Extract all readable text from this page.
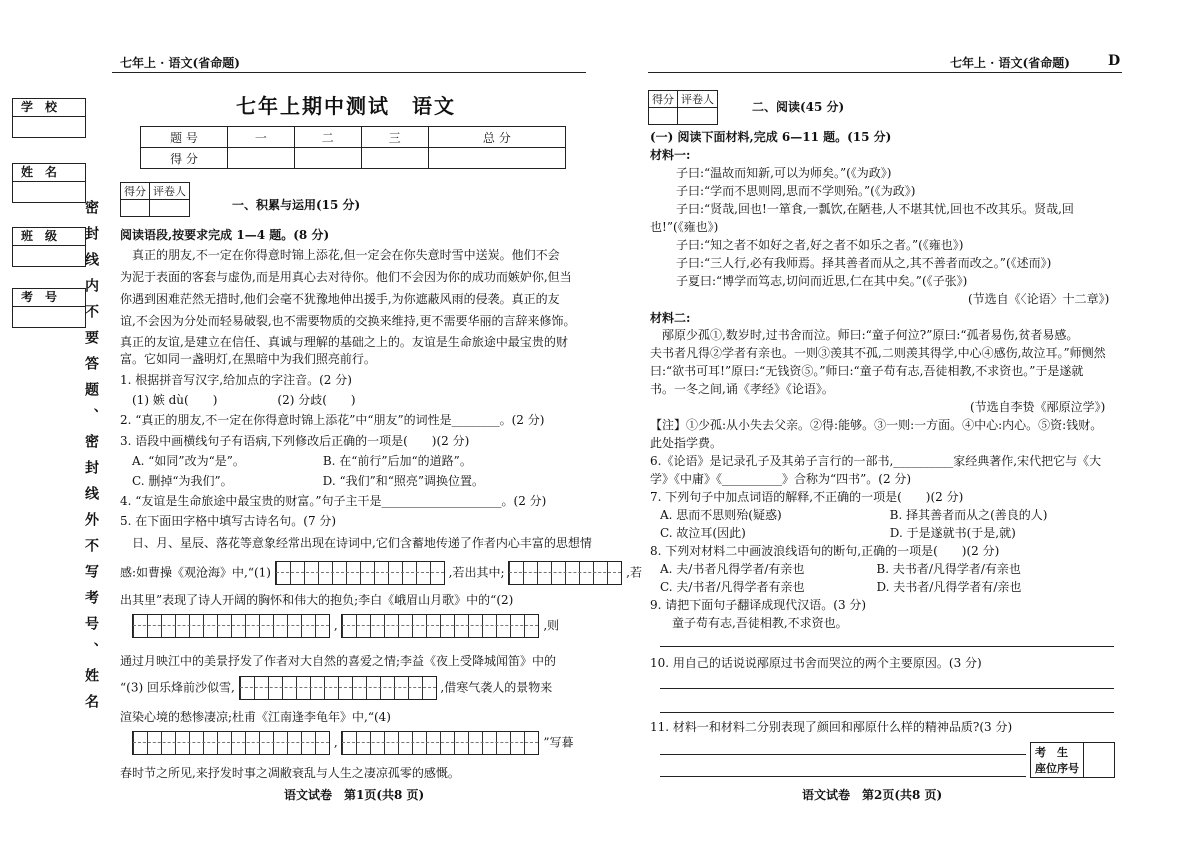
七年上 · 语文(省命题)	七年上 · 语文(省命题)	D
学　校
姓　名
班　级
考　号	密封线内不要答题、密封线外不写考号、姓名
七年上期中测试　语文
题 号	一	二	三	总 分
得 分				
得分	评卷人

一、积累与运用(15 分)
阅读语段,按要求完成 1—4 题。(8 分)
　真正的朋友,不一定在你得意时锦上添花,但一定会在你失意时雪中送炭。他们不会
为泥于表面的客套与虚伪,而是用真心去对待你。他们不会因为你的成功而嫉妒你,但当
你遇到困难茫然无措时,他们会毫不犹豫地伸出援手,为你遮蔽风雨的侵袭。真正的友
谊,不会因为分处而轻易破裂,也不需要物质的交换来维持,更不需要华丽的言辞来修饰。
真正的友谊,是建立在信任、真诚与理解的基础之上的。友谊是生命旅途中最宝贵的财
富。它如同一盏明灯,在黑暗中为我们照亮前行。
1. 根据拼音写汉字,给加点的字注音。(2 分)
(1) 嫉 dù(　　)　　　　　(2) 分歧(　　)
2. “真正的朋友,不一定在你得意时锦上添花”中“朋友”的词性是________。(2 分)
3. 语段中画横线句子有语病,下列修改后正确的一项是(　　)(2 分)
A. “如同”改为“是”。　　　　　　　B. 在“前行”后加“的道路”。
C. 删掉“为我们”。　　　　　　　　D. “我们”和“照亮”调换位置。
4. “友谊是生命旅途中最宝贵的财富。”句子主干是____________________。(2 分)
5. 在下面田字格中填写古诗名句。(7 分)
　日、月、星辰、落花等意象经常出现在诗词中,它们含蓄地传递了作者内心丰富的思想情
感:如曹操《观沧海》中,“(1)	,若出其中;	,若
出其里”表现了诗人开阔的胸怀和伟大的抱负;李白《峨眉山月歌》中的“(2)
,	,则
通过月映江中的美景抒发了作者对大自然的喜爱之情;李益《夜上受降城闻笛》中的
“(3) 回乐烽前沙似雪,	,借寒气袭人的景物来
渲染心境的愁惨凄凉;杜甫《江南逢李龟年》中,“(4)
,	”写暮
春时节之所见,来抒发时事之凋敝衰乱与人生之凄凉孤零的感慨。
语文试卷　第1页(共8 页)
得分	评卷人

二、阅读(45 分)
(一) 阅读下面材料,完成 6—11 题。(15 分)
材料一:
子曰:“温故而知新,可以为师矣。”(《为政》)
子曰:“学而不思则罔,思而不学则殆。”(《为政》)
子曰:“贤哉,回也!一箪食,一瓢饮,在陋巷,人不堪其忧,回也不改其乐。贤哉,回
也!”(《雍也》)
子曰:“知之者不如好之者,好之者不如乐之者。”(《雍也》)
子曰:“三人行,必有我师焉。择其善者而从之,其不善者而改之。”(《述而》)
子夏曰:“博学而笃志,切问而近思,仁在其中矣。”(《子张》)
(节选自《〈论语〉十二章》)
材料二:
　邴原少孤①,数岁时,过书舍而泣。师曰:“童子何泣?”原曰:“孤者易伤,贫者易感。
夫书者凡得②学者有亲也。一则③羡其不孤,二则羡其得学,中心④感伤,故泣耳。”师恻然
曰:“欲书可耳!”原曰:“无钱资⑤。”师曰:“童子苟有志,吾徒相教,不求资也。”于是遂就
书。一冬之间,诵《孝经》《论语》。
(节选自李贽《邴原泣学》)
【注】①少孤:从小失去父亲。②得:能够。③一则:一方面。④中心:内心。⑤资:钱财。
此处指学费。
6.《论语》是记录孔子及其弟子言行的一部书,__________家经典著作,宋代把它与《大
学》《中庸》《__________》合称为“四书”。(2 分)
7. 下列句子中加点词语的解释,不正确的一项是(　　)(2 分)
A. 思而不思则殆(疑惑)　　　　　　　　　B. 择其善者而从之(善良的人)
C. 故泣耳(因此)　　　　　　　　　　　　D. 于是遂就书(于是,就)
8. 下列对材料二中画波浪线语句的断句,正确的一项是(　　)(2 分)
A. 夫/书者凡得学者/有亲也　　　　　　B. 夫书者/凡得学者/有亲也
C. 夫/书者/凡得学者有亲也　　　　　　D. 夫书者/凡得学者有/亲也
9. 请把下面句子翻译成现代汉语。(3 分)
　童子苟有志,吾徒相教,不求资也。
10. 用自己的话说说邴原过书舍而哭泣的两个主要原因。(3 分)
11. 材料一和材料二分别表现了颜回和邴原什么样的精神品质?(3 分)
考　生
座位序号	
语文试卷　第2页(共8 页)
